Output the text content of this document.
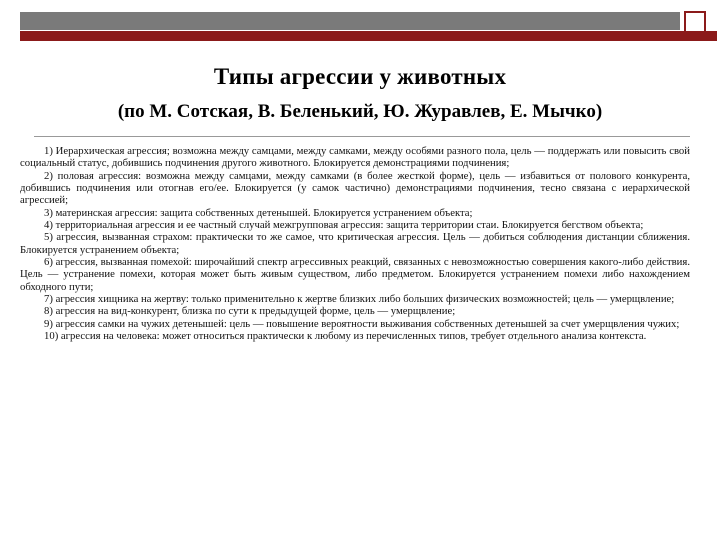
Типы агрессии у животных
(по М. Сотская, В. Беленький, Ю. Журавлев, Е. Мычко)

1) Иерархическая агрессия; возможна между самцами, между самками, между особями разного пола, цель — поддержать или повысить свой социальный статус, добившись подчинения другого животного. Блокируется демонстрациями подчинения;

2) половая агрессия: возможна между самцами, между самками (в более жесткой форме), цель — избавиться от полового конкурента, добившись подчинения или отогнав его/ее. Блокируется (у самок частично) демонстрациями подчинения, тесно связана с иерархической агрессией;

3) материнская агрессия: защита собственных детенышей. Блокируется устранением объекта;

4) территориальная агрессия и ее частный случай межгрупповая агрессия: защита территории стаи. Блокируется бегством объекта;

5) агрессия, вызванная страхом: практически то же самое, что критическая агрессия. Цель — добиться соблюдения дистанции сближения. Блокируется устранением объекта;

6) агрессия, вызванная помехой: широчайший спектр агрессивных реакций, связанных с невозможностью совершения какого-либо действия. Цель — устранение помехи, которая может быть живым существом, либо предметом. Блокируется устранением помехи либо нахождением обходного пути;

7) агрессия хищника на жертву: только применительно к жертве близких либо больших физических возможностей; цель — умерщвление;

8) агрессия на вид-конкурент, близка по сути к предыдущей форме, цель — умерщвление;

9) агрессия самки на чужих детенышей: цель — повышение вероятности выживания собственных детенышей за счет умерщвления чужих;

10) агрессия на человека: может относиться практически к любому из перечисленных типов, требует отдельного анализа контекста.
